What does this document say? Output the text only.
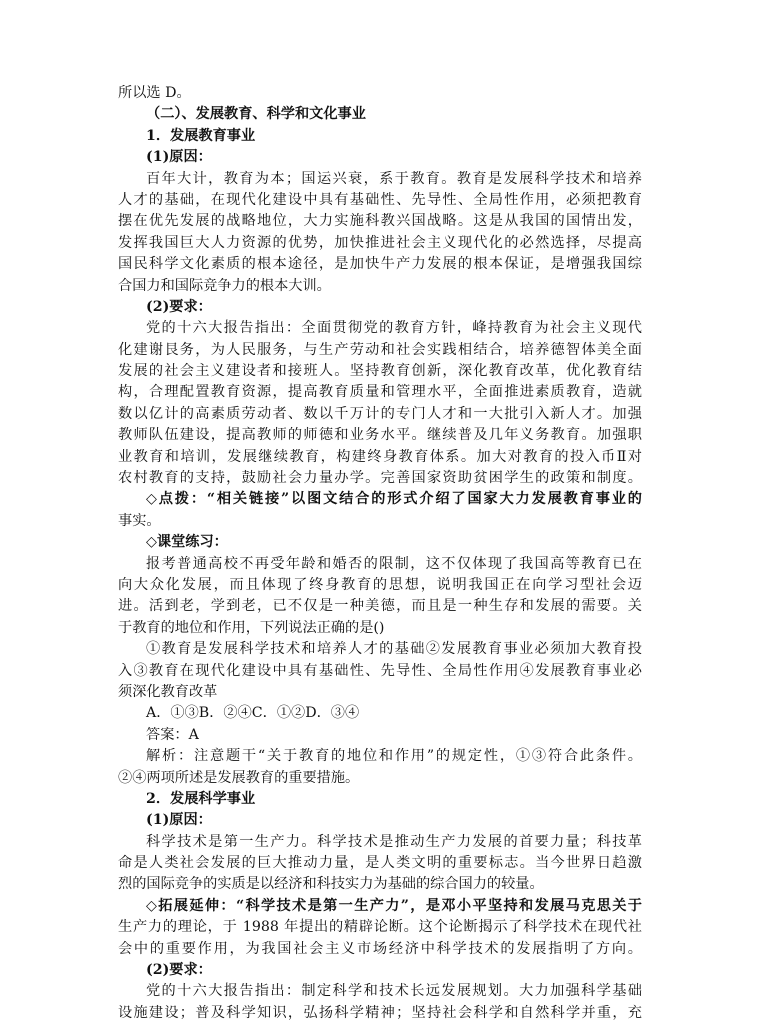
所以选 D。
（二）、发展教育、科学和文化事业
1．发展教育事业
(1)原因：
百年大计，教育为本；国运兴衰，系于教育。教育是发展科学技术和培养
人才的基础，在现代化建设中具有基础性、先导性、全局性作用，必须把教育
摆在优先发展的战略地位，大力实施科教兴国战略。这是从我国的国情出发，
发挥我国巨大人力资源的优势，加快推进社会主义现代化的必然选择，尽提高
国民科学文化素质的根本途径，是加快牛产力发展的根本保证，是增强我国综
合国力和国际竞争力的根本大训。
(2)要求：
党的十六大报告指出：全面贯彻党的教育方针，峰持教育为社会主义现代
化建谢艮务，为人民服务，与生产劳动和社会实践相结合，培养德智体美全面
发展的社会主义建设者和接班人。坚持教育创新，深化教育改革，优化教育结
构，合理配置教育资源，提高教育质量和管理水平，全面推进素质教育，造就
数以亿计的高素质劳动者、数以千万计的专门人才和一大批引入新人才。加强
教师队伍建设，提高教师的师德和业务水平。继续普及几年义务教育。加强职
业教育和培训，发展继续教育，构建终身教育体系。加大对教育的投入币Ⅱ对
农村教育的支持，鼓励社会力量办学。完善国家资助贫困学生的政策和制度。
◇点拨：“相关链接”以图文结合的形式介绍了国家大力发展教育事业的
事实。
◇课堂练习：
报考普通高校不再受年龄和婚否的限制，这不仅体现了我国高等教育已在
向大众化发展，而且体现了终身教育的思想，说明我国正在向学习型社会迈
进。活到老，学到老，已不仅是一种美德，而且是一种生存和发展的需要。关
于教育的地位和作用，下列说法正确的是()
①教育是发展科学技术和培养人才的基础②发展教育事业必须加大教育投
入③教育在现代化建设中具有基础性、先导性、全局性作用④发展教育事业必
须深化教育改革
A．①③B．②④C．①②D．③④
答案：A
解析：注意题干“关于教育的地位和作用”的规定性，①③符合此条件。
②④两项所述是发展教育的重要措施。
2．发展科学事业
(1)原因：
科学技术是第一生产力。科学技术是推动生产力发展的首要力量；科技革
命是人类社会发展的巨大推动力量，是人类文明的重要标志。当今世界日趋激
烈的国际竞争的实质是以经济和科技实力为基础的综合国力的较量。
◇拓展延伸：“科学技术是第一生产力”，是邓小平坚持和发展马克思关于
生产力的理论，于 1988 年提出的精辟论断。这个论断揭示了科学技术在现代社
会中的重要作用，为我国社会主义市场经济中科学技术的发展指明了方向。
(2)要求：
党的十六大报告指出：制定科学和技术长远发展规划。大力加强科学基础
设施建设；普及科学知识，弘扬科学精神；坚持社会科学和自然科学并重，充
